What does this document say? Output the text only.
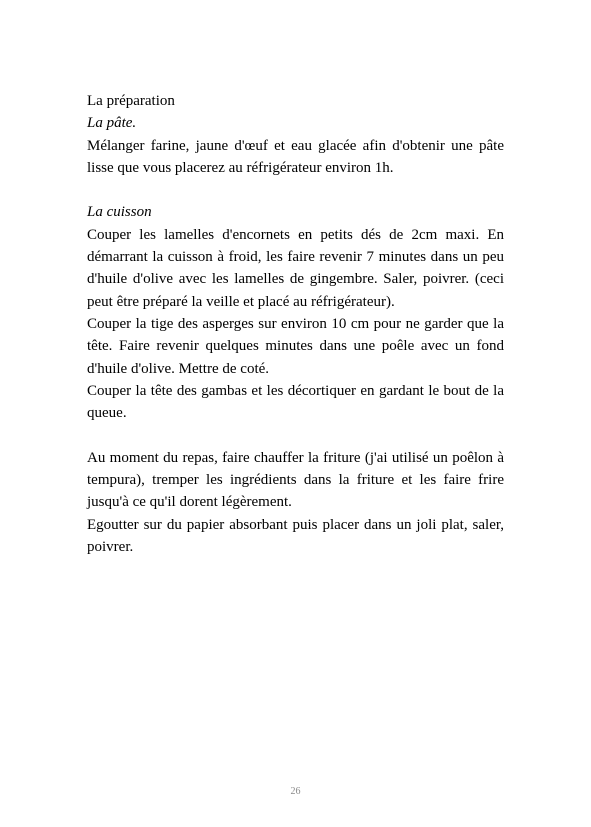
La préparation

La pâte.

Mélanger farine, jaune d'œuf et eau glacée afin d'obtenir une pâte lisse que vous placerez au réfrigérateur environ 1h.

La cuisson

Couper les lamelles d'encornets en petits dés de 2cm maxi. En démarrant la cuisson à froid, les faire revenir 7 minutes dans un peu d'huile d'olive avec les lamelles de gingembre. Saler, poivrer. (ceci peut être préparé la veille et placé au réfrigérateur).

Couper la tige des asperges sur environ 10 cm pour ne garder que la tête. Faire revenir quelques minutes dans une poêle avec un fond d'huile d'olive. Mettre de coté.

Couper la tête des gambas et les décortiquer en gardant le bout de la queue.

Au moment du repas, faire chauffer la friture (j'ai utilisé un poêlon à tempura), tremper les ingrédients dans la friture et les faire frire jusqu'à ce qu'il dorent légèrement.

Egoutter sur du papier absorbant puis placer dans un joli plat, saler, poivrer.

26
